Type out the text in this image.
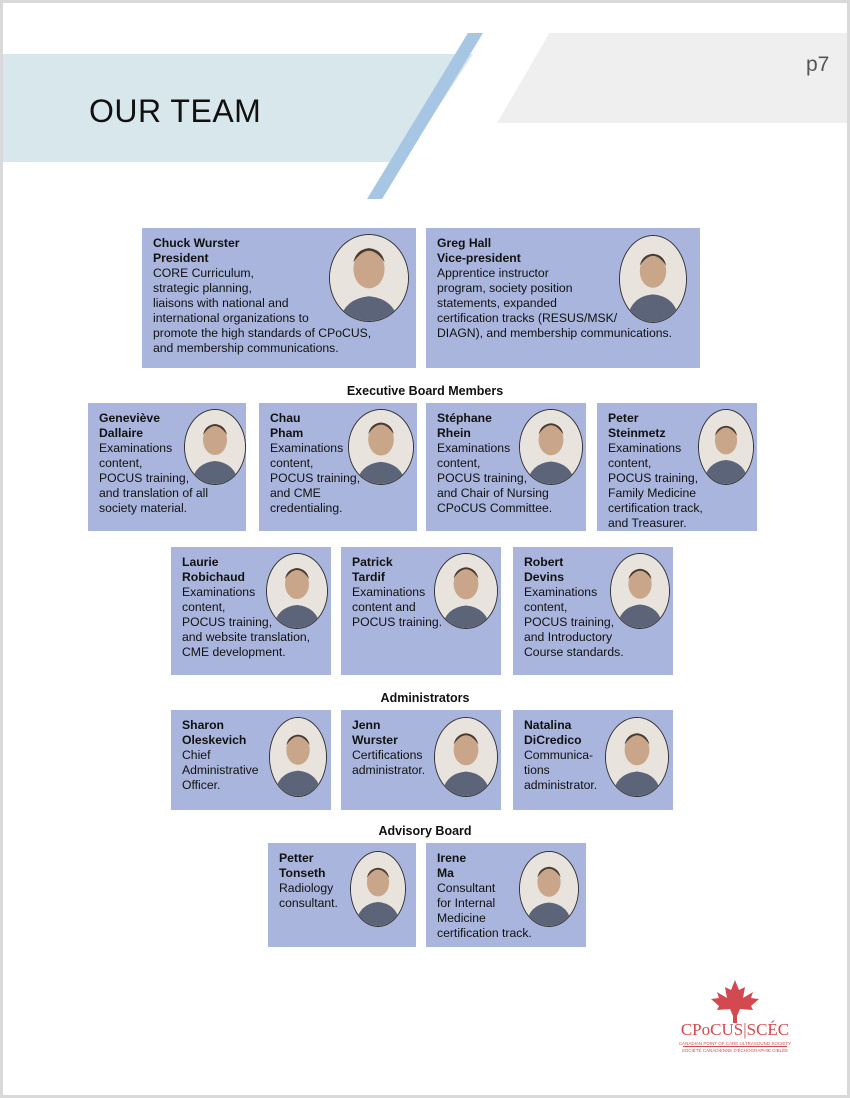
OUR TEAM
p7
Chuck Wurster
President
CORE Curriculum,
strategic planning,
liaisons with national and
international organizations to
promote the high standards of CPoCUS,
and membership communications.
Greg Hall
Vice-president
Apprentice instructor
program, society position
statements, expanded
certification tracks (RESUS/MSK/
DIAGN), and membership communications.
Executive Board Members
Geneviève
Dallaire
Examinations
content,
POCUS training,
and translation of all
society material.
Chau
Pham
Examinations
content,
POCUS training,
and CME
credentialing.
Stéphane
Rhein
Examinations
content,
POCUS training,
and Chair of Nursing
CPoCUS Committee.
Peter
Steinmetz
Examinations
content,
POCUS training,
Family Medicine
certification track,
and Treasurer.
Laurie
Robichaud
Examinations
content,
POCUS training,
and website translation,
CME development.
Patrick
Tardif
Examinations
content and
POCUS training.
Robert
Devins
Examinations
content,
POCUS training,
and Introductory
Course standards.
Administrators
Sharon
Oleskevich
Chief
Administrative
Officer.
Jenn
Wurster
Certifications
administrator.
Natalina
DiCredico
Communica-
tions
administrator.
Advisory Board
Petter
Tonseth
Radiology
consultant.
Irene
Ma
Consultant
for Internal
Medicine
certification track.
CPoCUS|SCÉC
CANADIAN POINT OF CARE ULTRASOUND SOCIETY
SOCIÉTÉ CANADIENNE D'ÉCHOGRAPHIE CIBLÉE
